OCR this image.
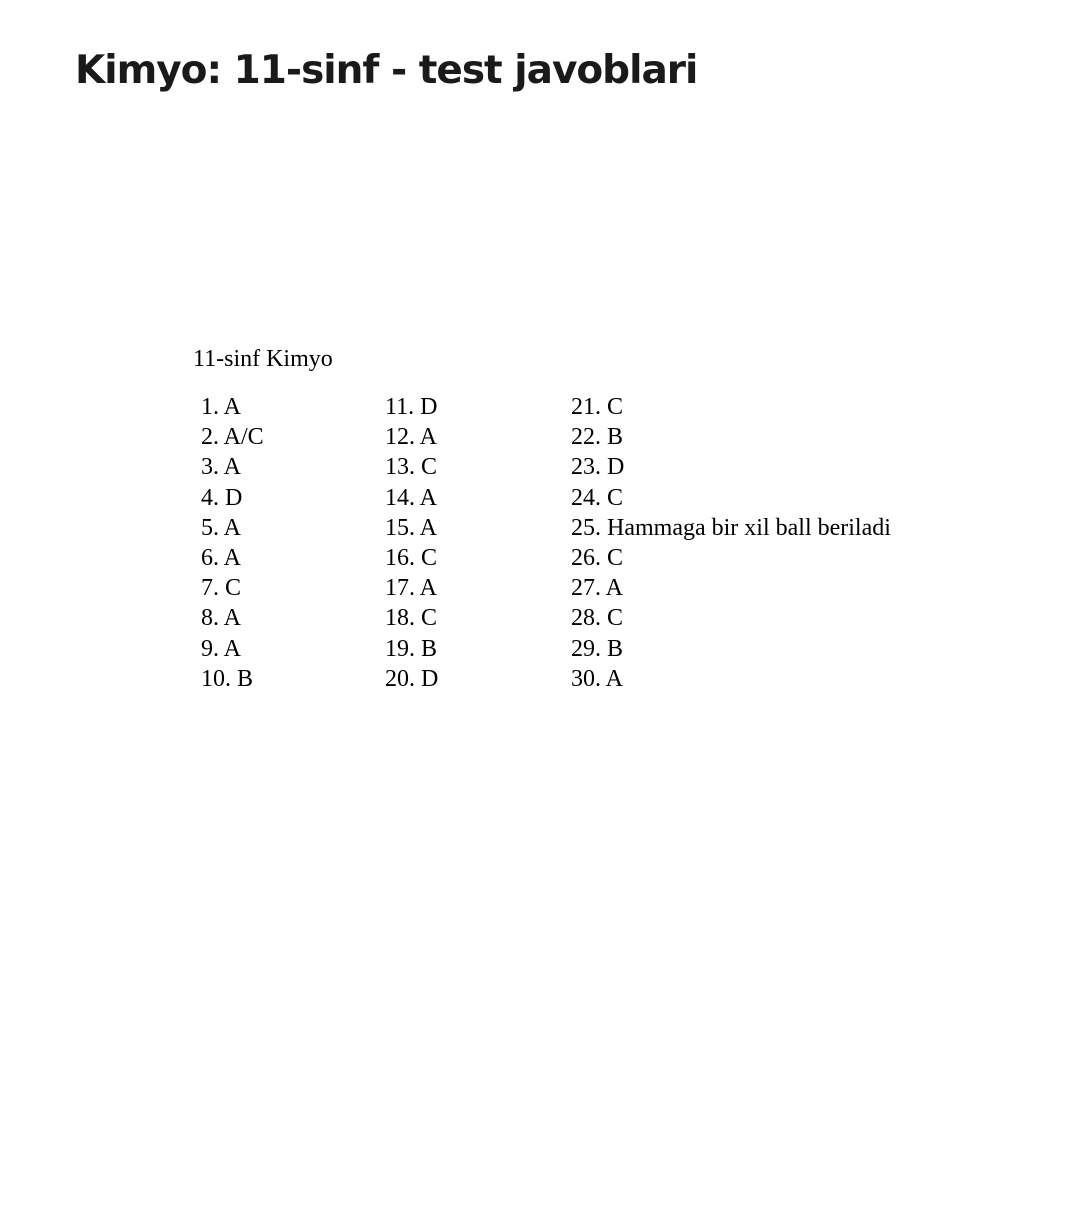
Kimyo: 11-sinf - test javoblari
11-sinf Kimyo
1. A
2. A/C
3. A
4. D
5. A
6. A
7. C
8. A
9. A
10. B
11. D
12. A
13. C
14. A
15. A
16. C
17. A
18. C
19. B
20. D
21. C
22. B
23. D
24. C
25. Hammaga bir xil ball beriladi
26. C
27. A
28. C
29. B
30. A
